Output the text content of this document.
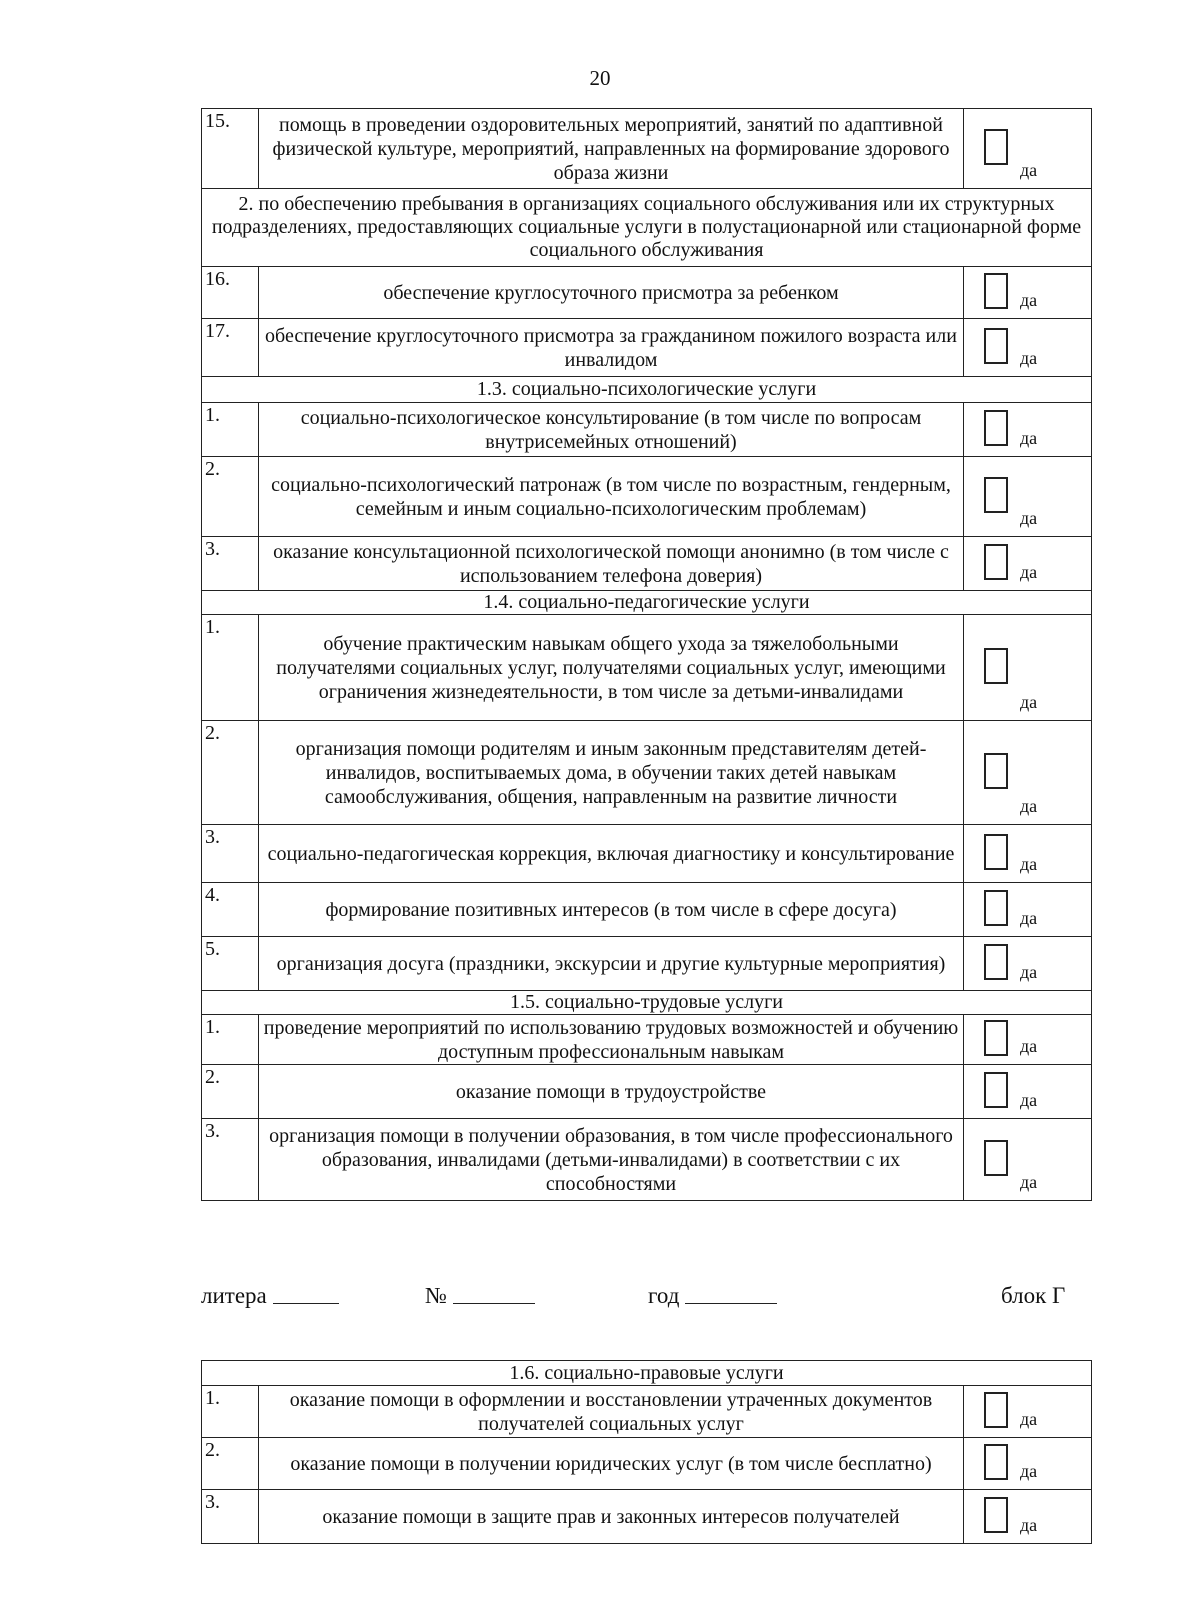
20
15.	помощь в проведении оздоровительных мероприятий, занятий по адаптивной физической культуре, мероприятий, направленных на формирование здорового образа жизни	да

2. по обеспечению пребывания в организациях социального обслуживания или их структурных подразделениях, предоставляющих социальные услуги в полустационарной или стационарной форме социального обслуживания		
16.	обеспечение круглосуточного присмотра за ребенком	да

17.	обеспечение круглосуточного присмотра за гражданином пожилого возраста или инвалидом	да

1.3. социально-психологические услуги		
1.	социально-психологическое консультирование (в том числе по вопросам внутрисемейных отношений)	да

2.	социально-психологический патронаж (в том числе по возрастным, гендерным, семейным и иным социально-психологическим проблемам)	да

3.	оказание консультационной психологической помощи анонимно (в том числе с использованием телефона доверия)	да

1.4. социально-педагогические услуги		
1.	обучение практическим навыкам общего ухода за тяжелобольными получателями социальных услуг, получателями социальных услуг, имеющими ограничения жизнедеятельности, в том числе за детьми-инвалидами	да

2.	организация помощи родителям и иным законным представителям детей-инвалидов, воспитываемых дома, в обучении таких детей навыкам самообслуживания, общения, направленным на развитие личности	да

3.	социально-педагогическая коррекция, включая диагностику и консультирование	да

4.	формирование позитивных интересов (в том числе в сфере досуга)	да

5.	организация досуга (праздники, экскурсии и другие культурные мероприятия)	да

1.5. социально-трудовые услуги		
1.	проведение мероприятий по использованию трудовых возможностей и обучению доступным профессиональным навыкам	да

2.	оказание помощи в трудоустройстве	да

3.	организация помощи в получении образования, в том числе профессионального образования, инвалидами (детьми-инвалидами) в соответствии с их способностями	да
литера	№	год	блок Г
1.6. социально-правовые услуги		
1.	оказание помощи в оформлении и восстановлении утраченных документов получателей социальных услуг	да

2.	оказание помощи в получении юридических услуг (в том числе бесплатно)	да

3.	оказание помощи в защите прав и законных интересов получателей	да
